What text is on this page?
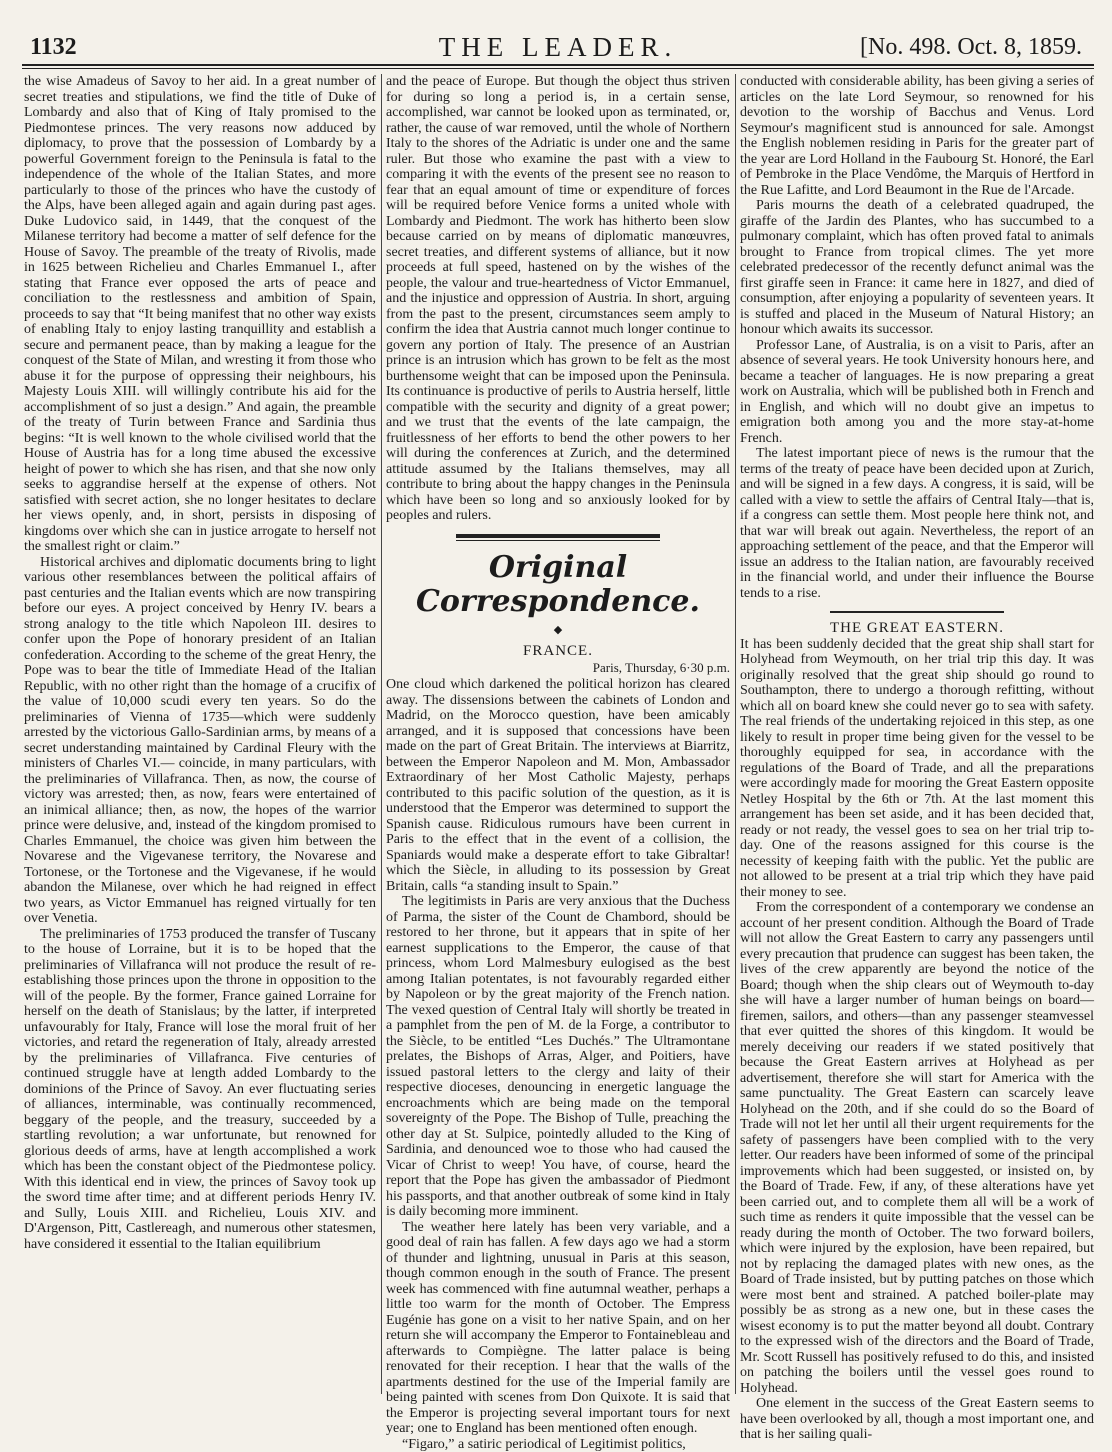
1132	THE LEADER.	[No. 498. Oct. 8, 1859.

the wise Amadeus of Savoy to her aid. In a great number of secret treaties and stipulations, we find the title of Duke of Lombardy and also that of King of Italy promised to the Piedmontese princes. The very reasons now adduced by diplomacy, to prove that the possession of Lombardy by a powerful Government foreign to the Peninsula is fatal to the independence of the whole of the Italian States, and more particularly to those of the princes who have the custody of the Alps, have been alleged again and again during past ages. Duke Ludovico said, in 1449, that the conquest of the Milanese territory had become a matter of self defence for the House of Savoy. The preamble of the treaty of Rivolis, made in 1625 between Richelieu and Charles Emmanuel I., after stating that France ever opposed the arts of peace and conciliation to the restlessness and ambition of Spain, proceeds to say that “It being manifest that no other way exists of enabling Italy to enjoy lasting tranquillity and establish a secure and permanent peace, than by making a league for the conquest of the State of Milan, and wresting it from those who abuse it for the purpose of oppressing their neighbours, his Majesty Louis XIII. will willingly contribute his aid for the accomplishment of so just a design.” And again, the preamble of the treaty of Turin between France and Sardinia thus begins: “It is well known to the whole civilised world that the House of Austria has for a long time abused the excessive height of power to which she has risen, and that she now only seeks to aggrandise herself at the expense of others. Not satisfied with secret action, she no longer hesitates to declare her views openly, and, in short, persists in disposing of kingdoms over which she can in justice arrogate to herself not the smallest right or claim.”

Historical archives and diplomatic documents bring to light various other resemblances between the political affairs of past centuries and the Italian events which are now transpiring before our eyes. A project conceived by Henry IV. bears a strong analogy to the title which Napoleon III. desires to confer upon the Pope of honorary president of an Italian confederation. According to the scheme of the great Henry, the Pope was to bear the title of Immediate Head of the Italian Republic, with no other right than the homage of a crucifix of the value of 10,000 scudi every ten years. So do the preliminaries of Vienna of 1735—which were suddenly arrested by the victorious Gallo-Sardinian arms, by means of a secret understanding maintained by Cardinal Fleury with the ministers of Charles VI.— coincide, in many particulars, with the preliminaries of Villafranca. Then, as now, the course of victory was arrested; then, as now, fears were entertained of an inimical alliance; then, as now, the hopes of the warrior prince were delusive, and, instead of the kingdom promised to Charles Emmanuel, the choice was given him between the Novarese and the Vigevanese territory, the Novarese and Tortonese, or the Tortonese and the Vigevanese, if he would abandon the Milanese, over which he had reigned in effect two years, as Victor Emmanuel has reigned virtually for ten over Venetia.

The preliminaries of 1753 produced the transfer of Tuscany to the house of Lorraine, but it is to be hoped that the preliminaries of Villafranca will not produce the result of re-establishing those princes upon the throne in opposition to the will of the people. By the former, France gained Lorraine for herself on the death of Stanislaus; by the latter, if interpreted unfavourably for Italy, France will lose the moral fruit of her victories, and retard the regeneration of Italy, already arrested by the preliminaries of Villafranca. Five centuries of continued struggle have at length added Lombardy to the dominions of the Prince of Savoy. An ever fluctuating series of alliances, interminable, was continually recommenced, beggary of the people, and the treasury, succeeded by a startling revolution; a war unfortunate, but renowned for glorious deeds of arms, have at length accomplished a work which has been the constant object of the Piedmontese policy. With this identical end in view, the princes of Savoy took up the sword time after time; and at different periods Henry IV. and Sully, Louis XIII. and Richelieu, Louis XIV. and D'Argenson, Pitt, Castlereagh, and numerous other statesmen, have considered it essential to the Italian equilibrium

and the peace of Europe. But though the object thus striven for during so long a period is, in a certain sense, accomplished, war cannot be looked upon as terminated, or, rather, the cause of war removed, until the whole of Northern Italy to the shores of the Adriatic is under one and the same ruler. But those who examine the past with a view to comparing it with the events of the present see no reason to fear that an equal amount of time or expenditure of forces will be required before Venice forms a united whole with Lombardy and Piedmont. The work has hitherto been slow because carried on by means of diplomatic manœuvres, secret treaties, and different systems of alliance, but it now proceeds at full speed, hastened on by the wishes of the people, the valour and true-heartedness of Victor Emmanuel, and the injustice and oppression of Austria. In short, arguing from the past to the present, circumstances seem amply to confirm the idea that Austria cannot much longer continue to govern any portion of Italy. The presence of an Austrian prince is an intrusion which has grown to be felt as the most burthensome weight that can be imposed upon the Peninsula. Its continuance is productive of perils to Austria herself, little compatible with the security and dignity of a great power; and we trust that the events of the late campaign, the fruitlessness of her efforts to bend the other powers to her will during the conferences at Zurich, and the determined attitude assumed by the Italians themselves, may all contribute to bring about the happy changes in the Peninsula which have been so long and so anxiously looked for by peoples and rulers.

Original Correspondence.
◆
FRANCE.
Paris, Thursday, 6·30 p.m.

One cloud which darkened the political horizon has cleared away. The dissensions between the cabinets of London and Madrid, on the Morocco question, have been amicably arranged, and it is supposed that concessions have been made on the part of Great Britain. The interviews at Biarritz, between the Emperor Napoleon and M. Mon, Ambassador Extraordinary of her Most Catholic Majesty, perhaps contributed to this pacific solution of the question, as it is understood that the Emperor was determined to support the Spanish cause. Ridiculous rumours have been current in Paris to the effect that in the event of a collision, the Spaniards would make a desperate effort to take Gibraltar! which the Siècle, in alluding to its possession by Great Britain, calls “a standing insult to Spain.”

The legitimists in Paris are very anxious that the Duchess of Parma, the sister of the Count de Chambord, should be restored to her throne, but it appears that in spite of her earnest supplications to the Emperor, the cause of that princess, whom Lord Malmesbury eulogised as the best among Italian potentates, is not favourably regarded either by Napoleon or by the great majority of the French nation. The vexed question of Central Italy will shortly be treated in a pamphlet from the pen of M. de la Forge, a contributor to the Siècle, to be entitled “Les Duchés.” The Ultramontane prelates, the Bishops of Arras, Alger, and Poitiers, have issued pastoral letters to the clergy and laity of their respective dioceses, denouncing in energetic language the encroachments which are being made on the temporal sovereignty of the Pope. The Bishop of Tulle, preaching the other day at St. Sulpice, pointedly alluded to the King of Sardinia, and denounced woe to those who had caused the Vicar of Christ to weep! You have, of course, heard the report that the Pope has given the ambassador of Piedmont his passports, and that another outbreak of some kind in Italy is daily becoming more imminent.

The weather here lately has been very variable, and a good deal of rain has fallen. A few days ago we had a storm of thunder and lightning, unusual in Paris at this season, though common enough in the south of France. The present week has commenced with fine autumnal weather, perhaps a little too warm for the month of October. The Empress Eugénie has gone on a visit to her native Spain, and on her return she will accompany the Emperor to Fontainebleau and afterwards to Compiègne. The latter palace is being renovated for their reception. I hear that the walls of the apartments destined for the use of the Imperial family are being painted with scenes from Don Quixote. It is said that the Emperor is projecting several important tours for next year; one to England has been mentioned often enough.

“Figaro,” a satiric periodical of Legitimist politics,

conducted with considerable ability, has been giving a series of articles on the late Lord Seymour, so renowned for his devotion to the worship of Bacchus and Venus. Lord Seymour's magnificent stud is announced for sale. Amongst the English noblemen residing in Paris for the greater part of the year are Lord Holland in the Faubourg St. Honoré, the Earl of Pembroke in the Place Vendôme, the Marquis of Hertford in the Rue Lafitte, and Lord Beaumont in the Rue de l'Arcade.

Paris mourns the death of a celebrated quadruped, the giraffe of the Jardin des Plantes, who has succumbed to a pulmonary complaint, which has often proved fatal to animals brought to France from tropical climes. The yet more celebrated predecessor of the recently defunct animal was the first giraffe seen in France: it came here in 1827, and died of consumption, after enjoying a popularity of seventeen years. It is stuffed and placed in the Museum of Natural History; an honour which awaits its successor.

Professor Lane, of Australia, is on a visit to Paris, after an absence of several years. He took University honours here, and became a teacher of languages. He is now preparing a great work on Australia, which will be published both in French and in English, and which will no doubt give an impetus to emigration both among you and the more stay-at-home French.

The latest important piece of news is the rumour that the terms of the treaty of peace have been decided upon at Zurich, and will be signed in a few days. A congress, it is said, will be called with a view to settle the affairs of Central Italy—that is, if a congress can settle them. Most people here think not, and that war will break out again. Nevertheless, the report of an approaching settlement of the peace, and that the Emperor will issue an address to the Italian nation, are favourably received in the financial world, and under their influence the Bourse tends to a rise.

THE GREAT EASTERN.

It has been suddenly decided that the great ship shall start for Holyhead from Weymouth, on her trial trip this day. It was originally resolved that the great ship should go round to Southampton, there to undergo a thorough refitting, without which all on board knew she could never go to sea with safety. The real friends of the undertaking rejoiced in this step, as one likely to result in proper time being given for the vessel to be thoroughly equipped for sea, in accordance with the regulations of the Board of Trade, and all the preparations were accordingly made for mooring the Great Eastern opposite Netley Hospital by the 6th or 7th. At the last moment this arrangement has been set aside, and it has been decided that, ready or not ready, the vessel goes to sea on her trial trip to-day. One of the reasons assigned for this course is the necessity of keeping faith with the public. Yet the public are not allowed to be present at a trial trip which they have paid their money to see.

From the correspondent of a contemporary we condense an account of her present condition. Although the Board of Trade will not allow the Great Eastern to carry any passengers until every precaution that prudence can suggest has been taken, the lives of the crew apparently are beyond the notice of the Board; though when the ship clears out of Weymouth to-day she will have a larger number of human beings on board—firemen, sailors, and others—than any passenger steamvessel that ever quitted the shores of this kingdom. It would be merely deceiving our readers if we stated positively that because the Great Eastern arrives at Holyhead as per advertisement, therefore she will start for America with the same punctuality. The Great Eastern can scarcely leave Holyhead on the 20th, and if she could do so the Board of Trade will not let her until all their urgent requirements for the safety of passengers have been complied with to the very letter. Our readers have been informed of some of the principal improvements which had been suggested, or insisted on, by the Board of Trade. Few, if any, of these alterations have yet been carried out, and to complete them all will be a work of such time as renders it quite impossible that the vessel can be ready during the month of October. The two forward boilers, which were injured by the explosion, have been repaired, but not by replacing the damaged plates with new ones, as the Board of Trade insisted, but by putting patches on those which were most bent and strained. A patched boiler-plate may possibly be as strong as a new one, but in these cases the wisest economy is to put the matter beyond all doubt. Contrary to the expressed wish of the directors and the Board of Trade, Mr. Scott Russell has positively refused to do this, and insisted on patching the boilers until the vessel goes round to Holyhead.

One element in the success of the Great Eastern seems to have been overlooked by all, though a most important one, and that is her sailing quali-
